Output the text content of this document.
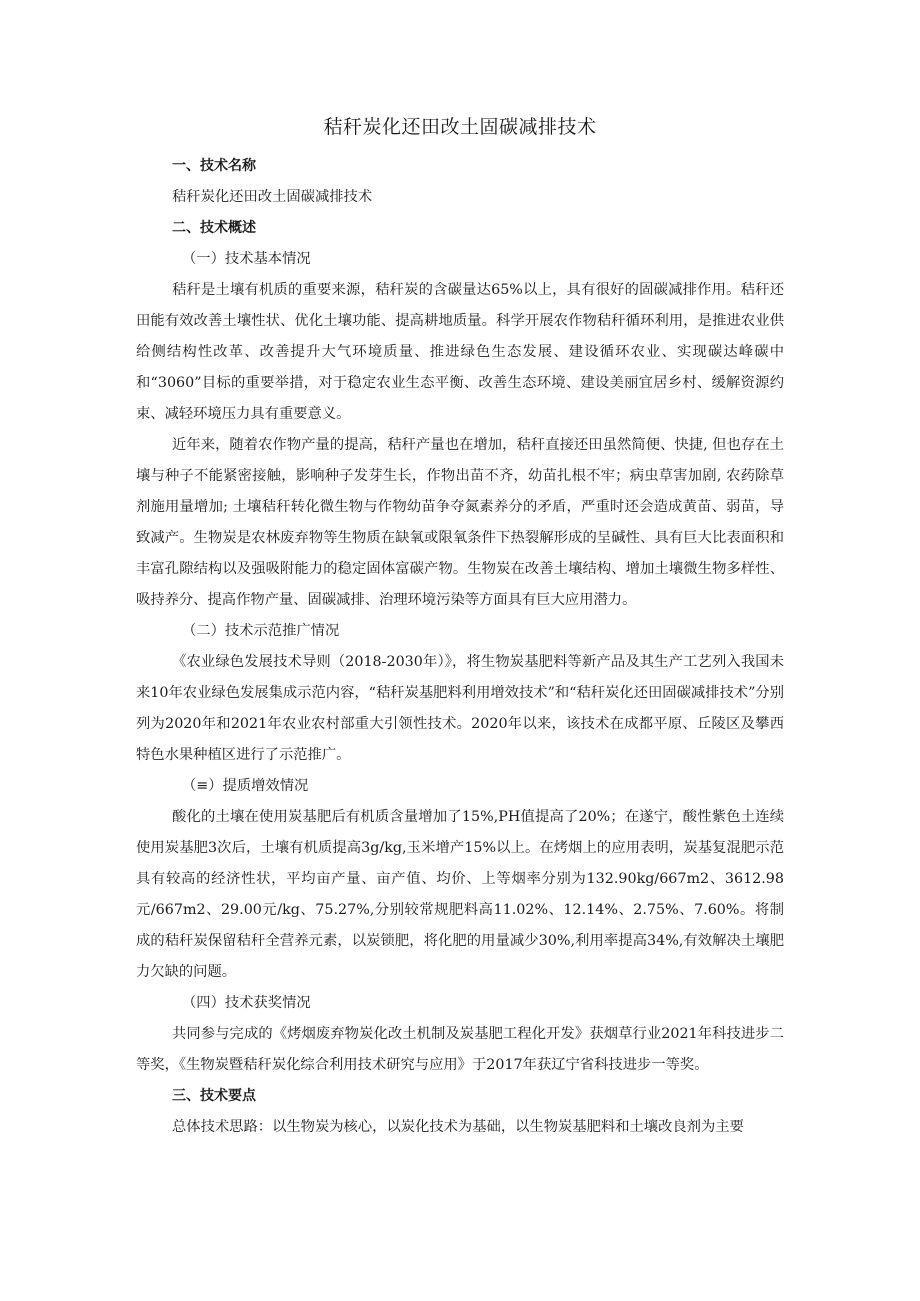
秸秆炭化还田改土固碳减排技术
一、技术名称

秸秆炭化还田改土固碳减排技术

二、技术概述
（一）技术基本情况

秸秆是土壤有机质的重要来源，秸秆炭的含碳量达65%以上，具有很好的固碳减排作用。秸秆还田能有效改善土壤性状、优化土壤功能、提高耕地质量。科学开展农作物秸秆循环利用，是推进农业供给侧结构性改革、改善提升大气环境质量、推进绿色生态发展、建设循环农业、实现碳达峰碳中和“3060”目标的重要举措，对于稳定农业生态平衡、改善生态环境、建设美丽宜居乡村、缓解资源约束、减轻环境压力具有重要意义。

近年来，随着农作物产量的提高，秸秆产量也在增加，秸秆直接还田虽然简便、快捷, 但也存在土壤与种子不能紧密接触，影响种子发芽生长，作物出苗不齐，幼苗扎根不牢；病虫草害加剧, 农药除草剂施用量增加; 土壤秸秆转化微生物与作物幼苗争夺氮素养分的矛盾，严重时还会造成黄苗、弱苗，导致减产。生物炭是农林废弃物等生物质在缺氧或限氧条件下热裂解形成的呈碱性、具有巨大比表面积和丰富孔隙结构以及强吸附能力的稳定固体富碳产物。生物炭在改善土壤结构、增加土壤微生物多样性、吸持养分、提高作物产量、固碳减排、治理环境污染等方面具有巨大应用潜力。

（二）技术示范推广情况

《农业绿色发展技术导则（2018-2030年）》，将生物炭基肥料等新产品及其生产工艺列入我国未来10年农业绿色发展集成示范内容，“秸秆炭基肥料利用增效技术”和“秸秆炭化还田固碳减排技术”分别列为2020年和2021年农业农村部重大引领性技术。2020年以来，该技术在成都平原、丘陵区及攀西特色水果种植区进行了示范推广。

（≡）提质增效情况

酸化的土壤在使用炭基肥后有机质含量增加了15%,PH值提高了20%；在遂宁，酸性紫色土连续使用炭基肥3次后，土壤有机质提高3g/kg,玉米增产15%以上。在烤烟上的应用表明，炭基复混肥示范具有较高的经济性状，平均亩产量、亩产值、均价、上等烟率分别为132.90kg/667m2、3612.98元/667m2、29.00元/kg、75.27%,分别较常规肥料高11.02%、12.14%、2.75%、7.60%。将制成的秸秆炭保留秸秆全营养元素，以炭锁肥，将化肥的用量减少30%,利用率提高34%,有效解决土壤肥力欠缺的问题。

（四）技术获奖情况

共同参与完成的《烤烟废弃物炭化改土机制及炭基肥工程化开发》获烟草行业2021年科技进步二等奖，《生物炭暨秸秆炭化综合利用技术研究与应用》于2017年获辽宁省科技进步一等奖。

三、技术要点

总体技术思路：以生物炭为核心，以炭化技术为基础，以生物炭基肥料和土壤改良剂为主要
